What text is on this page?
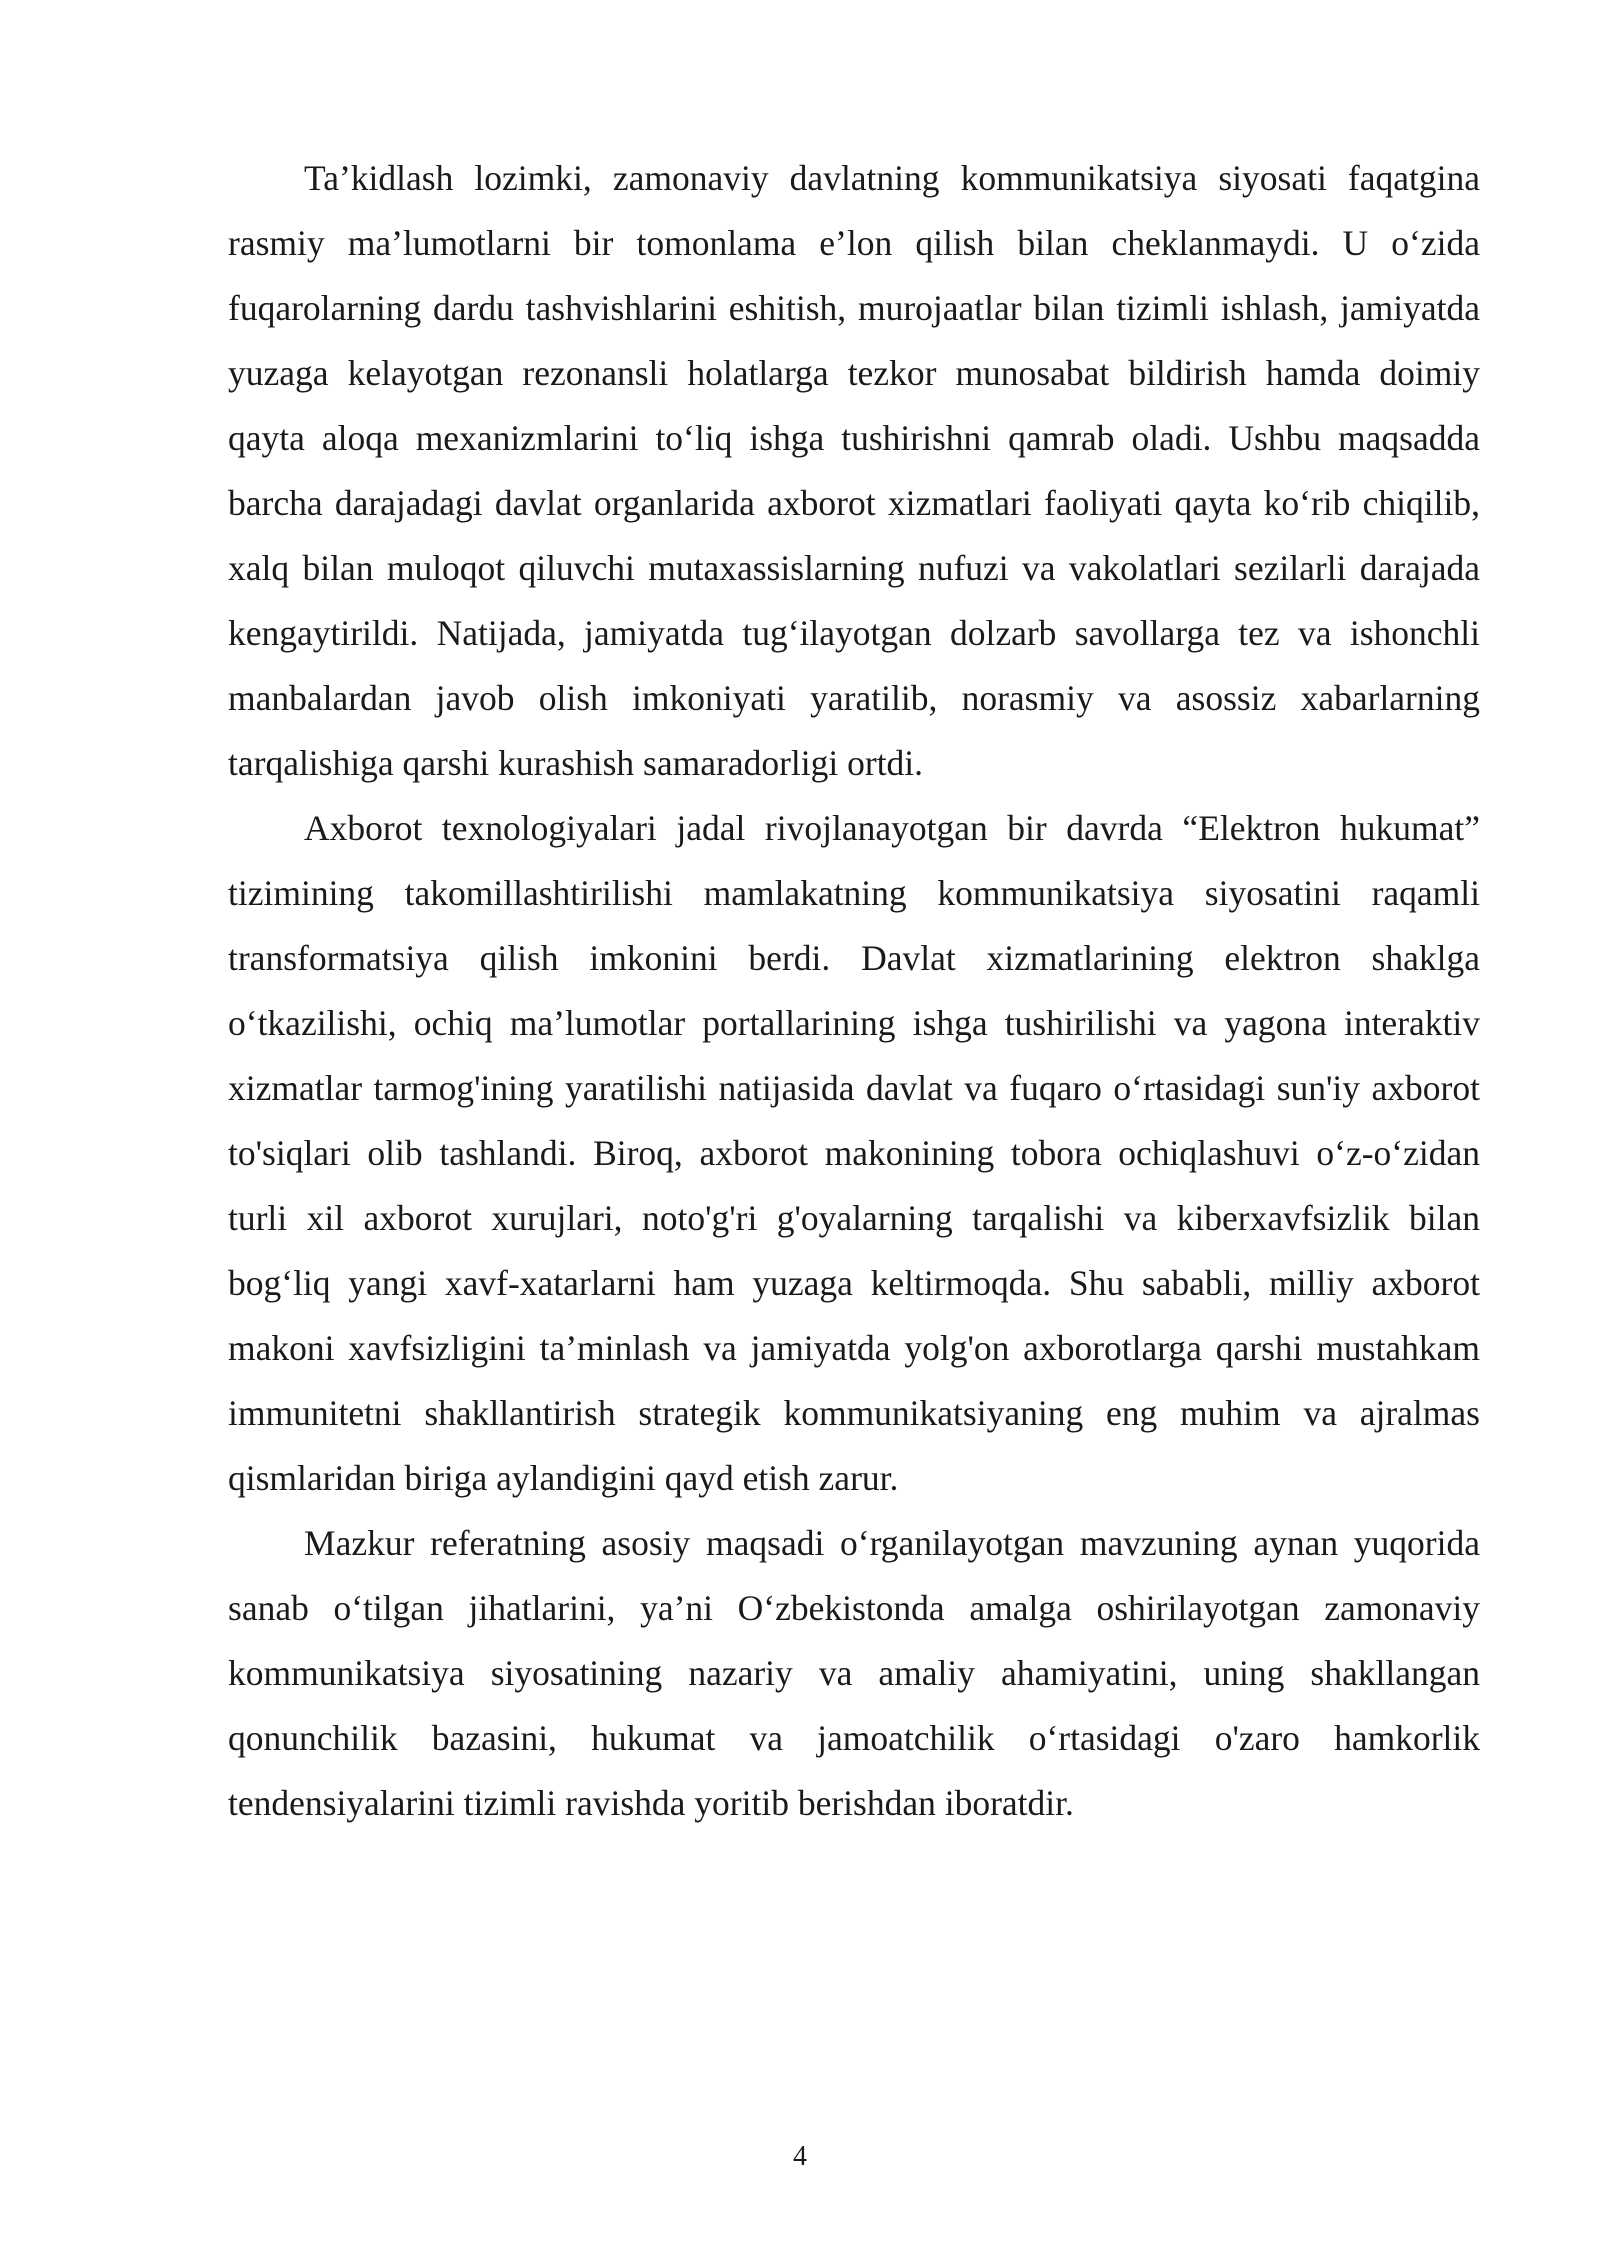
Ta’kidlash lozimki, zamonaviy davlatning kommunikatsiya siyosati faqatgina rasmiy ma’lumotlarni bir tomonlama e’lon qilish bilan cheklanmaydi. U o‘zida fuqarolarning dardu tashvishlarini eshitish, murojaatlar bilan tizimli ishlash, jamiyatda yuzaga kelayotgan rezonansli holatlarga tezkor munosabat bildirish hamda doimiy qayta aloqa mexanizmlarini to‘liq ishga tushirishni qamrab oladi. Ushbu maqsadda barcha darajadagi davlat organlarida axborot xizmatlari faoliyati qayta ko‘rib chiqilib, xalq bilan muloqot qiluvchi mutaxassislarning nufuzi va vakolatlari sezilarli darajada kengaytirildi. Natijada, jamiyatda tug‘ilayotgan dolzarb savollarga tez va ishonchli manbalardan javob olish imkoniyati yaratilib, norasmiy va asossiz xabarlarning tarqalishiga qarshi kurashish samaradorligi ortdi.

Axborot texnologiyalari jadal rivojlanayotgan bir davrda “Elektron hukumat” tizimining takomillashtirilishi mamlakatning kommunikatsiya siyosatini raqamli transformatsiya qilish imkonini berdi. Davlat xizmatlarining elektron shaklga o‘tkazilishi, ochiq ma’lumotlar portallarining ishga tushirilishi va yagona interaktiv xizmatlar tarmog'ining yaratilishi natijasida davlat va fuqaro o‘rtasidagi sun'iy axborot to'siqlari olib tashlandi. Biroq, axborot makonining tobora ochiqlashuvi o‘z-o‘zidan turli xil axborot xurujlari, noto'g'ri g'oyalarning tarqalishi va kiberxavfsizlik bilan bog‘liq yangi xavf-xatarlarni ham yuzaga keltirmoqda. Shu sababli, milliy axborot makoni xavfsizligini ta’minlash va jamiyatda yolg'on axborotlarga qarshi mustahkam immunitetni shakllantirish strategik kommunikatsiyaning eng muhim va ajralmas qismlaridan biriga aylandigini qayd etish zarur.

Mazkur referatning asosiy maqsadi o‘rganilayotgan mavzuning aynan yuqorida sanab o‘tilgan jihatlarini, ya’ni O‘zbekistonda amalga oshirilayotgan zamonaviy kommunikatsiya siyosatining nazariy va amaliy ahamiyatini, uning shakllangan qonunchilik bazasini, hukumat va jamoatchilik o‘rtasidagi o'zaro hamkorlik tendensiyalarini tizimli ravishda yoritib berishdan iboratdir.

4
